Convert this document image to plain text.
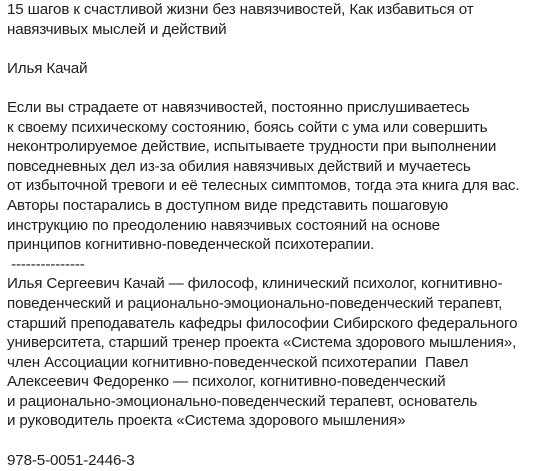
15 шагов к счастливой жизни без навязчивостей, Как избавиться от
навязчивых мыслей и действий
Илья Качай
Если вы страдаете от навязчивостей, постоянно прислушиваетесь
к своему психическому состоянию, боясь сойти с ума или совершить
неконтролируемое действие, испытываете трудности при выполнении
повседневных дел из-за обилия навязчивых действий и мучаетесь
от избыточной тревоги и её телесных симптомов, тогда эта книга для вас.
Авторы постарались в доступном виде представить пошаговую
инструкцию по преодолению навязчивых состояний на основе
принципов когнитивно-поведенческой психотерапии.
---------------
Илья Сергеевич Качай — философ, клинический психолог, когнитивно-
поведенческий и рационально-эмоционально-поведенческий терапевт,
старший преподаватель кафедры философии Сибирского федерального
университета, старший тренер проекта «Система здорового мышления»,
член Ассоциации когнитивно-поведенческой психотерапии  Павел
Алексеевич Федоренко — психолог, когнитивно-поведенческий
и рационально-эмоционально-поведенческий терапевт, основатель
и руководитель проекта «Система здорового мышления»
978-5-0051-2446-3
